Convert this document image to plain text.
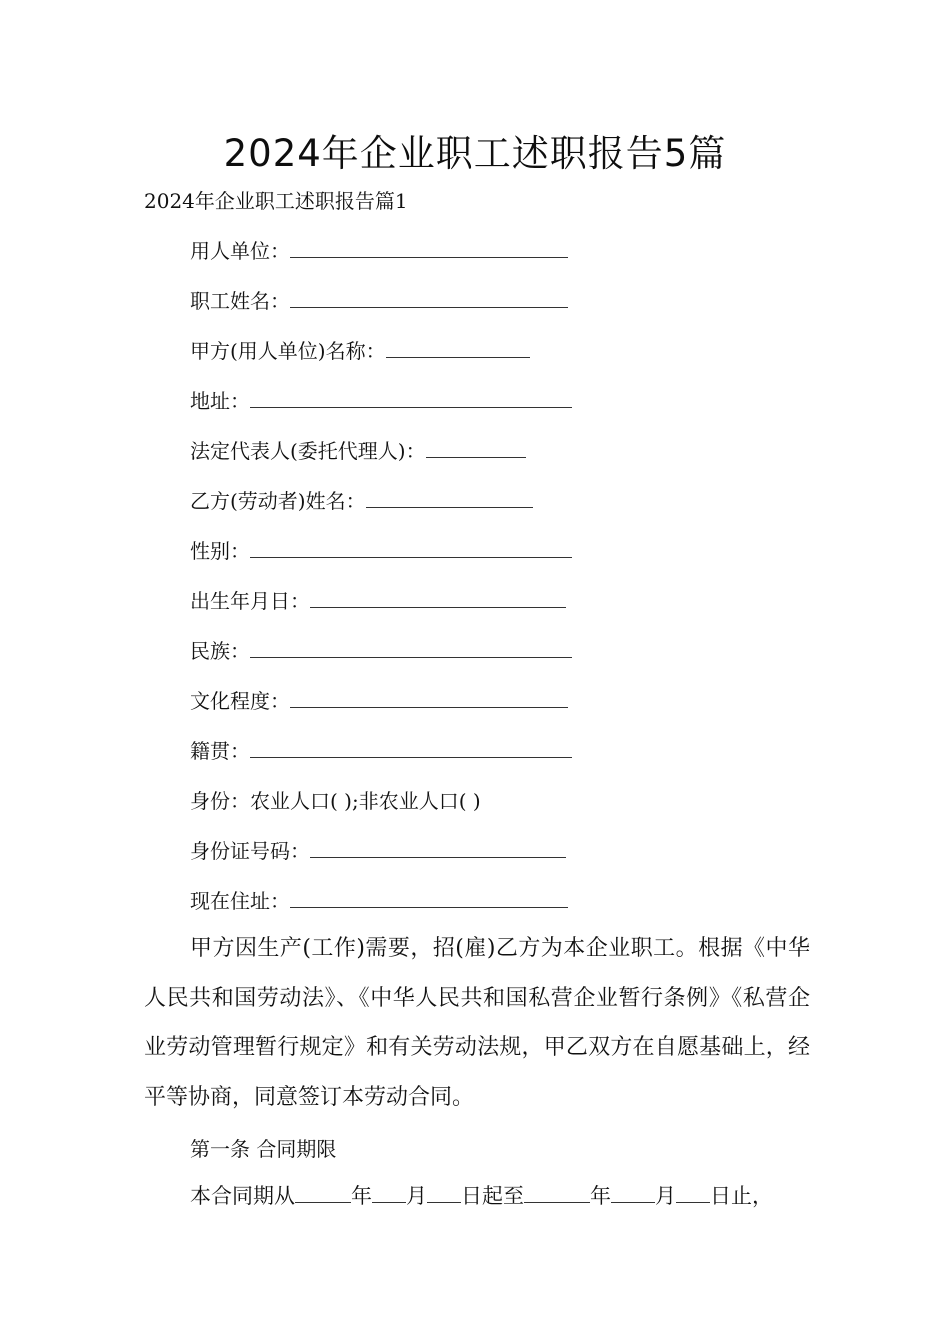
2024年企业职工述职报告5篇
2024年企业职工述职报告篇1
用人单位：
职工姓名：
甲方(用人单位)名称：
地址：
法定代表人(委托代理人)：
乙方(劳动者)姓名：
性别：
出生年月日：
民族：
文化程度：
籍贯：
身份：农业人口( );非农业人口( )
身份证号码：
现在住址：
甲方因生产(工作)需要，招(雇)乙方为本企业职工。根据《中华人民共和国劳动法》、《中华人民共和国私营企业暂行条例》《私营企业劳动管理暂行规定》和有关劳动法规，甲乙双方在自愿基础上，经平等协商，同意签订本劳动合同。
第一条 合同期限
本合同期从	年 月 日起至	年 月 日止，
